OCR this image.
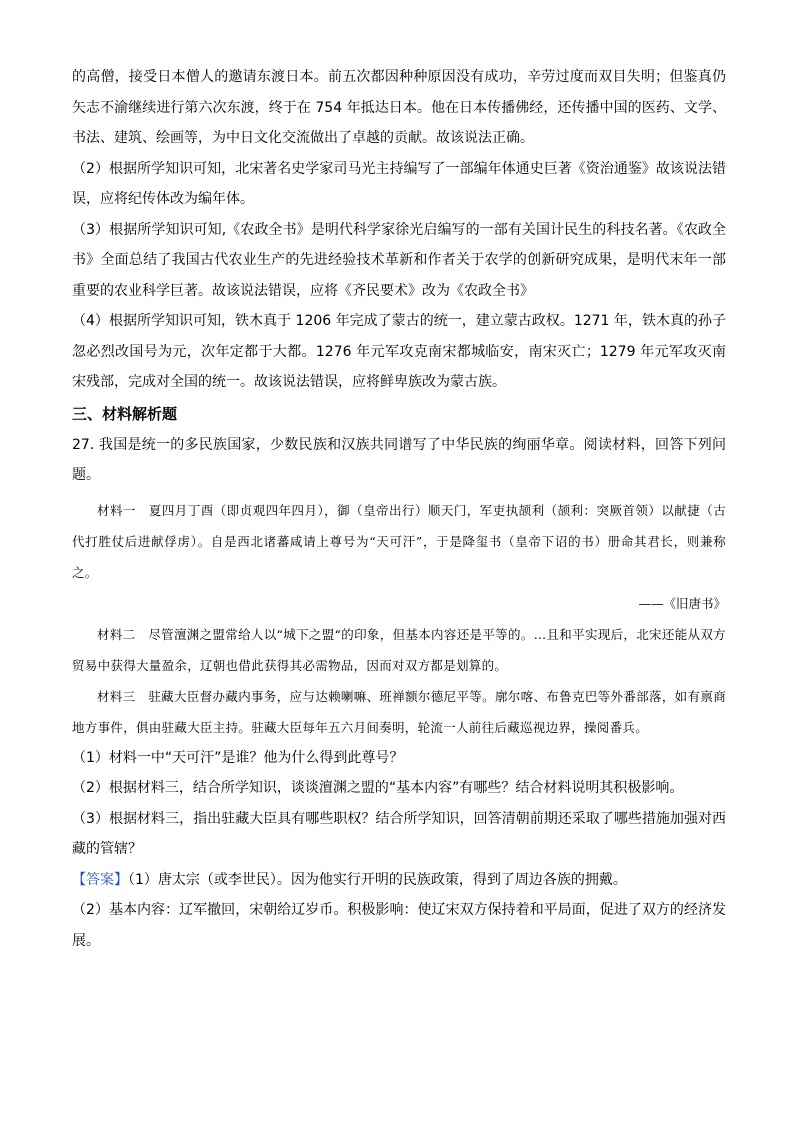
的高僧，接受日本僧人的邀请东渡日本。前五次都因种种原因没有成功，辛劳过度而双目失明；但鉴真仍矢志不渝继续进行第六次东渡，终于在 754 年抵达日本。他在日本传播佛经，还传播中国的医药、文学、书法、建筑、绘画等，为中日文化交流做出了卓越的贡献。故该说法正确。

（2）根据所学知识可知，北宋著名史学家司马光主持编写了一部编年体通史巨著《资治通鉴》故该说法错误，应将纪传体改为编年体。

（3）根据所学知识可知,《农政全书》是明代科学家徐光启编写的一部有关国计民生的科技名著。《农政全书》全面总结了我国古代农业生产的先进经验技术革新和作者关于农学的创新研究成果，是明代末年一部重要的农业科学巨著。故该说法错误，应将《齐民要术》改为《农政全书》

（4）根据所学知识可知，铁木真于 1206 年完成了蒙古的统一，建立蒙古政权。1271 年，铁木真的孙子忽必烈改国号为元，次年定都于大都。1276 年元军攻克南宋都城临安，南宋灭亡；1279 年元军攻灭南宋残部，完成对全国的统一。故该说法错误，应将鲜卑族改为蒙古族。

三、材料解析题

27. 我国是统一的多民族国家，少数民族和汉族共同谱写了中华民族的绚丽华章。阅读材料，回答下列问题。

材料一　夏四月丁酉（即贞观四年四月），御（皇帝出行）顺天门，军吏执颉利（颉利：突厥首领）以献捷（古代打胜仗后进献俘虏）。自是西北诸蕃咸请上尊号为“天可汗”，于是降玺书（皇帝下诏的书）册命其君长，则兼称之。

——《旧唐书》

材料二　尽管澶渊之盟常给人以“城下之盟“的印象，但基本内容还是平等的。…且和平实现后，北宋还能从双方贸易中获得大量盈余，辽朝也借此获得其必需物品，因而对双方都是划算的。

材料三　驻藏大臣督办藏内事务，应与达赖喇嘛、班禅额尔德尼平等。廓尔喀、布鲁克巴等外番部落，如有禀商地方事件，俱由驻藏大臣主持。驻藏大臣每年五六月间奏明，轮流一人前往后藏巡视边界，操阅番兵。

（1）材料一中“天可汗”是谁？他为什么得到此尊号？

（2）根据材料三，结合所学知识，谈谈澶渊之盟的“基本内容”有哪些？结合材料说明其积极影响。

（3）根据材料三，指出驻藏大臣具有哪些职权？结合所学知识，回答清朝前期还采取了哪些措施加强对西藏的管辖？

【答案】（1）唐太宗（或李世民）。因为他实行开明的民族政策，得到了周边各族的拥戴。

（2）基本内容：辽军撤回，宋朝给辽岁币。积极影响：使辽宋双方保持着和平局面，促进了双方的经济发展。
